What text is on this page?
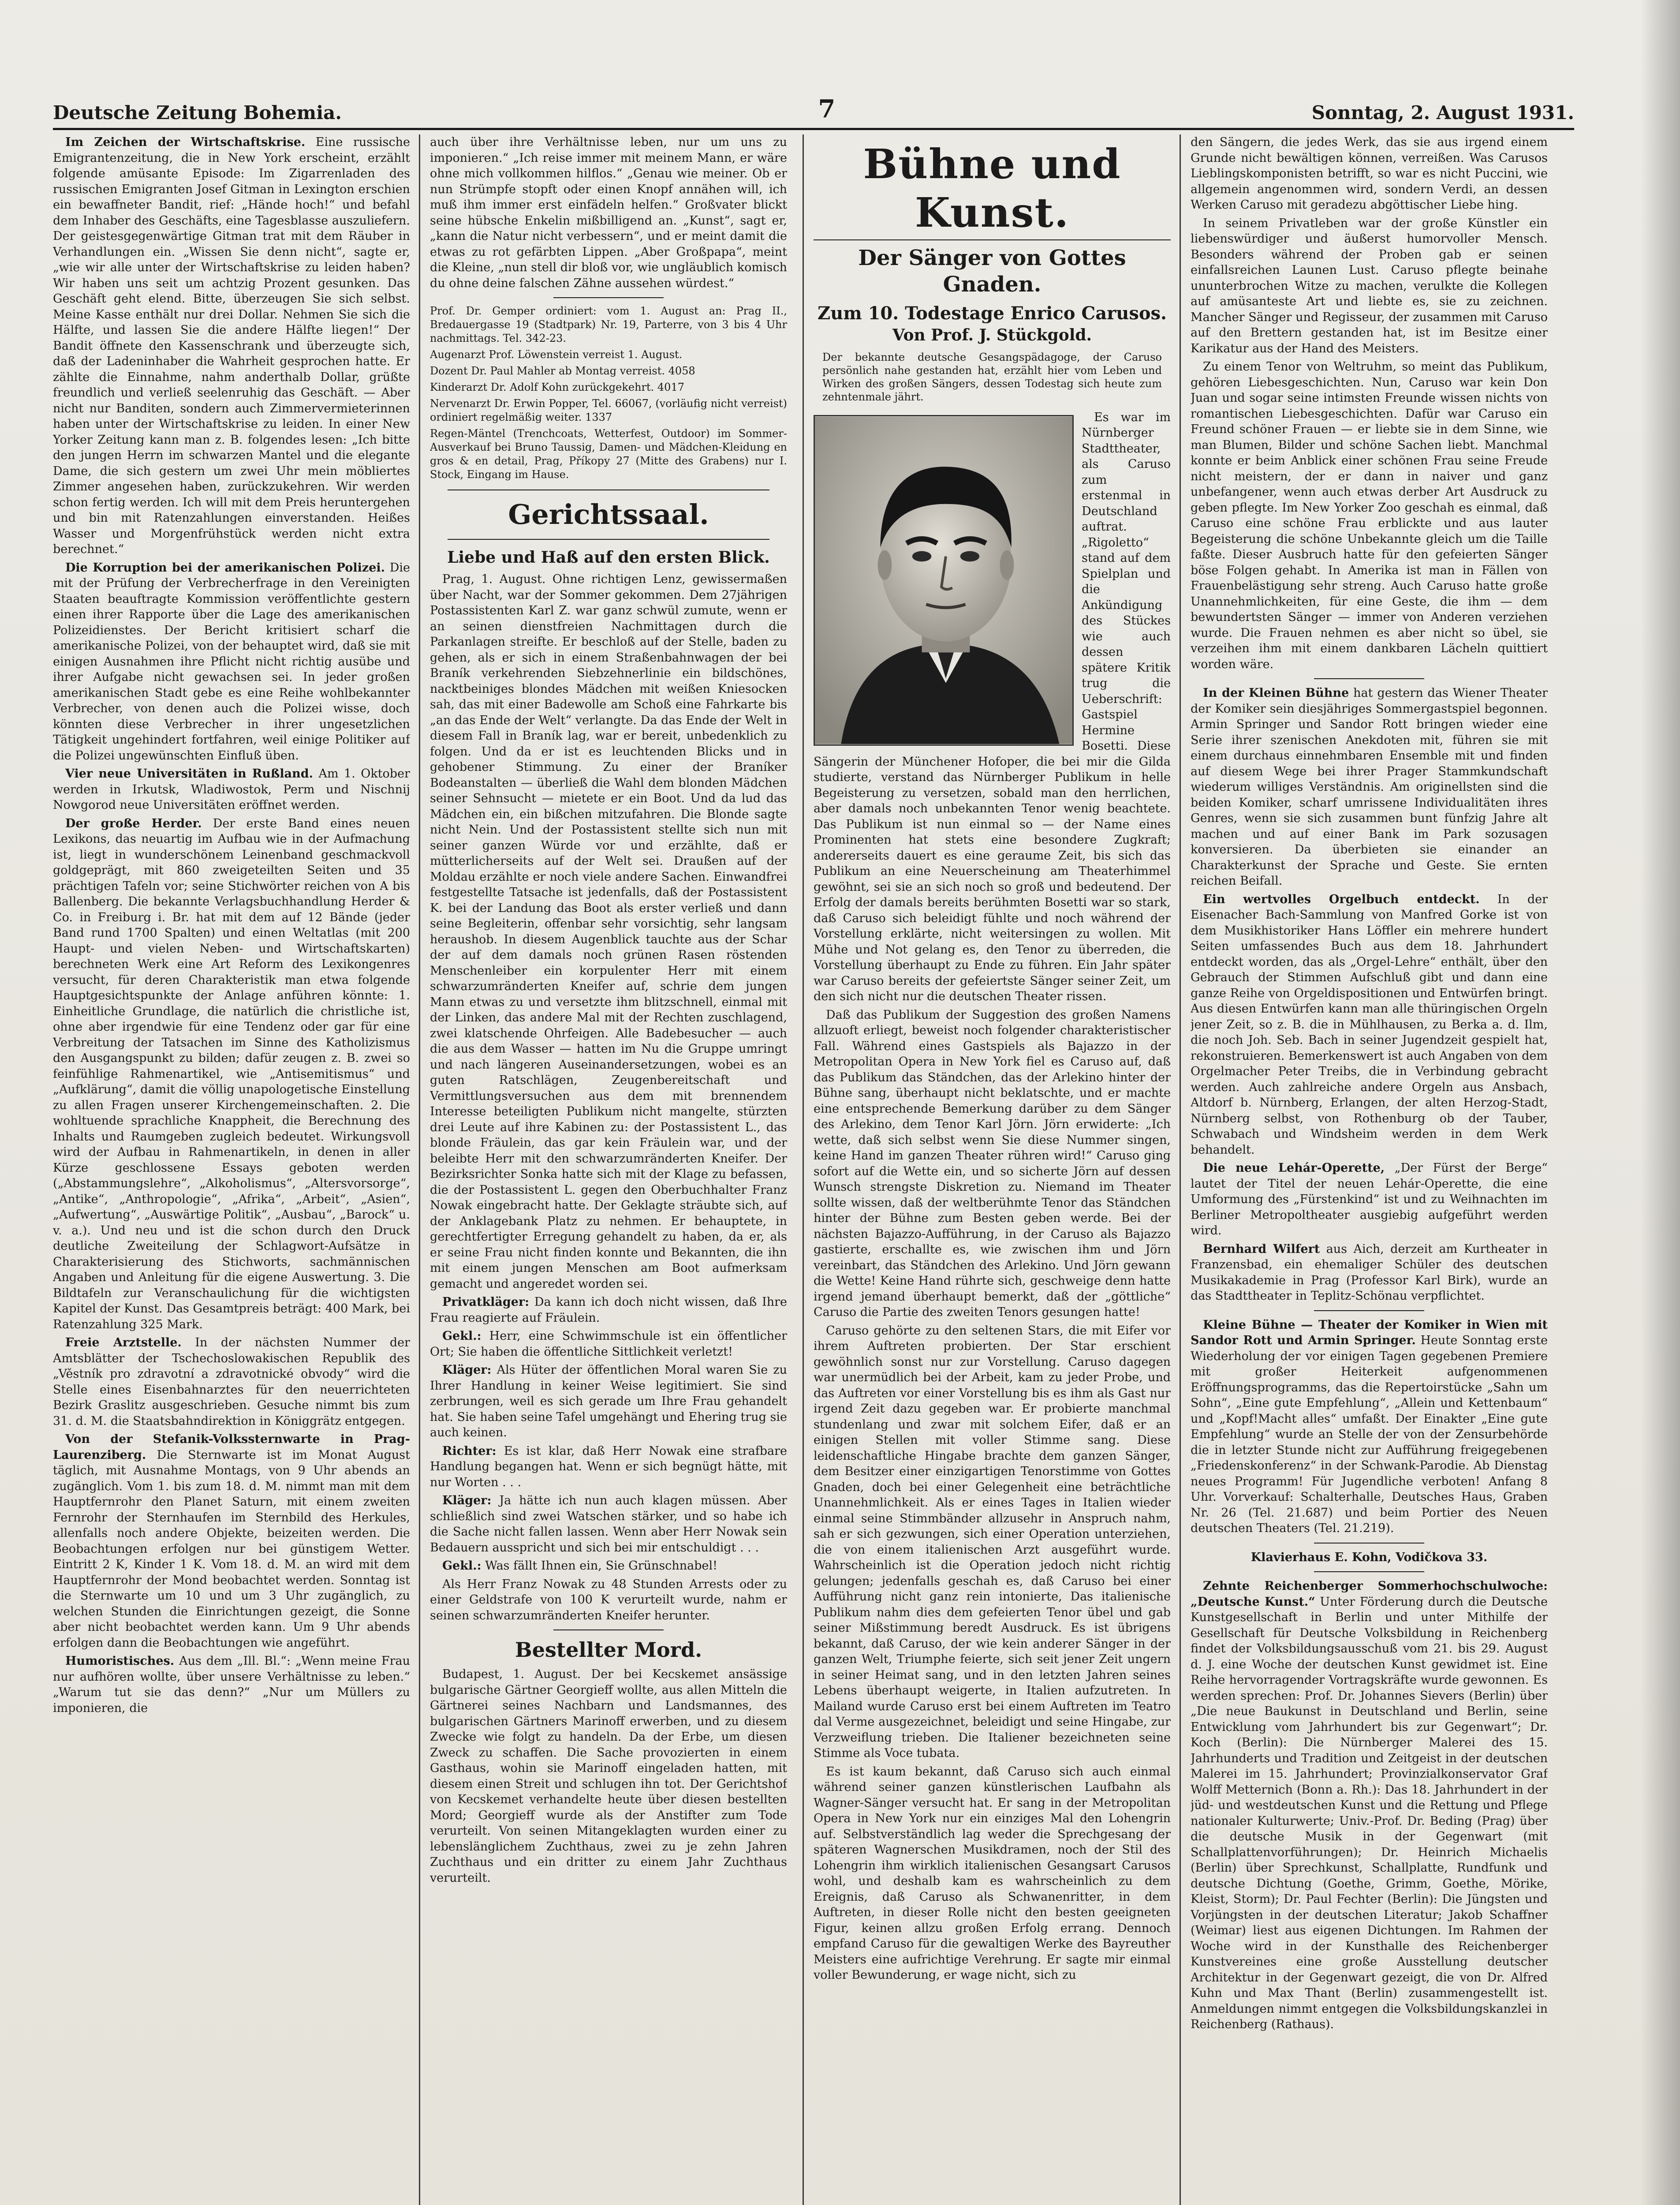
Deutsche Zeitung Bohemia.	7	Sonntag, 2. August 1931.

Im Zeichen der Wirtschaftskrise. Eine russische Emigrantenzeitung, die in New York erscheint, erzählt folgende amüsante Episode: Im Zigarrenladen des russischen Emigranten Josef Gitman in Lexington erschien ein bewaffneter Bandit, rief: „Hände hoch!“ und befahl dem Inhaber des Geschäfts, eine Tagesblasse auszuliefern. Der geistesgegenwärtige Gitman trat mit dem Räuber in Verhandlungen ein. „Wissen Sie denn nicht“, sagte er, „wie wir alle unter der Wirtschaftskrise zu leiden haben? Wir haben uns seit um achtzig Prozent gesunken. Das Geschäft geht elend. Bitte, überzeugen Sie sich selbst. Meine Kasse enthält nur drei Dollar. Nehmen Sie sich die Hälfte, und lassen Sie die andere Hälfte liegen!“ Der Bandit öffnete den Kassenschrank und überzeugte sich, daß der Ladeninhaber die Wahrheit gesprochen hatte. Er zählte die Einnahme, nahm anderthalb Dollar, grüßte freundlich und verließ seelenruhig das Geschäft. — Aber nicht nur Banditen, sondern auch Zimmervermieterinnen haben unter der Wirtschaftskrise zu leiden. In einer New Yorker Zeitung kann man z. B. folgendes lesen: „Ich bitte den jungen Herrn im schwarzen Mantel und die elegante Dame, die sich gestern um zwei Uhr mein möbliertes Zimmer angesehen haben, zurückzukehren. Wir werden schon fertig werden. Ich will mit dem Preis heruntergehen und bin mit Ratenzahlungen einverstanden. Heißes Wasser und Morgenfrühstück werden nicht extra berechnet.“

Die Korruption bei der amerikanischen Polizei. Die mit der Prüfung der Verbrecherfrage in den Vereinigten Staaten beauftragte Kommission veröffentlichte gestern einen ihrer Rapporte über die Lage des amerikanischen Polizeidienstes. Der Bericht kritisiert scharf die amerikanische Polizei, von der behauptet wird, daß sie mit einigen Ausnahmen ihre Pflicht nicht richtig ausübe und ihrer Aufgabe nicht gewachsen sei. In jeder großen amerikanischen Stadt gebe es eine Reihe wohlbekannter Verbrecher, von denen auch die Polizei wisse, doch könnten diese Verbrecher in ihrer ungesetzlichen Tätigkeit ungehindert fortfahren, weil einige Politiker auf die Polizei ungewünschten Einfluß üben.

Vier neue Universitäten in Rußland. Am 1. Oktober werden in Irkutsk, Wladiwostok, Perm und Nischnij Nowgorod neue Universitäten eröffnet werden.

Der große Herder. Der erste Band eines neuen Lexikons, das neuartig im Aufbau wie in der Aufmachung ist, liegt in wunderschönem Leinenband geschmackvoll goldgeprägt, mit 860 zweigeteilten Seiten und 35 prächtigen Tafeln vor; seine Stichwörter reichen von A bis Ballenberg. Die bekannte Verlagsbuchhandlung Herder & Co. in Freiburg i. Br. hat mit dem auf 12 Bände (jeder Band rund 1700 Spalten) und einen Weltatlas (mit 200 Haupt- und vielen Neben- und Wirtschaftskarten) berechneten Werk eine Art Reform des Lexikongenres versucht, für deren Charakteristik man etwa folgende Hauptgesichtspunkte der Anlage anführen könnte: 1. Einheitliche Grundlage, die natürlich die christliche ist, ohne aber irgendwie für eine Tendenz oder gar für eine Verbreitung der Tatsachen im Sinne des Katholizismus den Ausgangspunkt zu bilden; dafür zeugen z. B. zwei so feinfühlige Rahmenartikel, wie „Antisemitismus“ und „Aufklärung“, damit die völlig unapologetische Einstellung zu allen Fragen unserer Kirchengemeinschaften. 2. Die wohltuende sprachliche Knappheit, die Berechnung des Inhalts und Raumgeben zugleich bedeutet. Wirkungsvoll wird der Aufbau in Rahmenartikeln, in denen in aller Kürze geschlossene Essays geboten werden („Abstammungslehre“, „Alkoholismus“, „Altersvorsorge“, „Antike“, „Anthropologie“, „Afrika“, „Arbeit“, „Asien“, „Aufwertung“, „Auswärtige Politik“, „Ausbau“, „Barock“ u. v. a.). Und neu und ist die schon durch den Druck deutliche Zweiteilung der Schlagwort-Aufsätze in Charakterisierung des Stichworts, sachmännischen Angaben und Anleitung für die eigene Auswertung. 3. Die Bildtafeln zur Veranschaulichung für die wichtigsten Kapitel der Kunst. Das Gesamtpreis beträgt: 400 Mark, bei Ratenzahlung 325 Mark.

Freie Arztstelle. In der nächsten Nummer der Amtsblätter der Tschechoslowakischen Republik des „Věstník pro zdravotní a zdravotnické obvody“ wird die Stelle eines Eisenbahnarztes für den neuerrichteten Bezirk Graslitz ausgeschrieben. Gesuche nimmt bis zum 31. d. M. die Staatsbahndirektion in Königgrätz entgegen.

Von der Stefanik-Volkssternwarte in Prag-Laurenziberg. Die Sternwarte ist im Monat August täglich, mit Ausnahme Montags, von 9 Uhr abends an zugänglich. Vom 1. bis zum 18. d. M. nimmt man mit dem Hauptfernrohr den Planet Saturn, mit einem zweiten Fernrohr der Sternhaufen im Sternbild des Herkules, allenfalls noch andere Objekte, beizeiten werden. Die Beobachtungen erfolgen nur bei günstigem Wetter. Eintritt 2 K, Kinder 1 K. Vom 18. d. M. an wird mit dem Hauptfernrohr der Mond beobachtet werden. Sonntag ist die Sternwarte um 10 und um 3 Uhr zugänglich, zu welchen Stunden die Einrichtungen gezeigt, die Sonne aber nicht beobachtet werden kann. Um 9 Uhr abends erfolgen dann die Beobachtungen wie angeführt.

Humoristisches. Aus dem „Ill. Bl.“: „Wenn meine Frau nur aufhören wollte, über unsere Verhältnisse zu leben.“ „Warum tut sie das denn?“ „Nur um Müllers zu imponieren, die

auch über ihre Verhältnisse leben, nur um uns zu imponieren.“ „Ich reise immer mit meinem Mann, er wäre ohne mich vollkommen hilflos.“ „Genau wie meiner. Ob er nun Strümpfe stopft oder einen Knopf annähen will, ich muß ihm immer erst einfädeln helfen.“ Großvater blickt seine hübsche Enkelin mißbilligend an. „Kunst“, sagt er, „kann die Natur nicht verbessern“, und er meint damit die etwas zu rot gefärbten Lippen. „Aber Großpapa“, meint die Kleine, „nun stell dir bloß vor, wie ungläublich komisch du ohne deine falschen Zähne aussehen würdest.“

Prof. Dr. Gemper ordiniert: vom 1. August an: Prag II., Bredauergasse 19 (Stadtpark) Nr. 19, Parterre, von 3 bis 4 Uhr nachmittags. Tel. 342-23.

Augenarzt Prof. Löwenstein verreist 1. August.

Dozent Dr. Paul Mahler ab Montag verreist. 4058

Kinderarzt Dr. Adolf Kohn zurückgekehrt. 4017

Nervenarzt Dr. Erwin Popper, Tel. 66067, (vorläufig nicht verreist) ordiniert regelmäßig weiter. 1337

Regen-Mäntel (Trenchcoats, Wetterfest, Outdoor) im Sommer-Ausverkauf bei Bruno Taussig, Damen- und Mädchen-Kleidung en gros & en detail, Prag, Příkopy 27 (Mitte des Grabens) nur I. Stock, Eingang im Hause.

Gerichtssaal.
Liebe und Haß auf den ersten Blick.

Prag, 1. August. Ohne richtigen Lenz, gewissermaßen über Nacht, war der Sommer gekommen. Dem 27jährigen Postassistenten Karl Z. war ganz schwül zumute, wenn er an seinen dienstfreien Nachmittagen durch die Parkanlagen streifte. Er beschloß auf der Stelle, baden zu gehen, als er sich in einem Straßenbahnwagen der bei Braník verkehrenden Siebzehnerlinie ein bildschönes, nacktbeiniges blondes Mädchen mit weißen Kniesocken sah, das mit einer Badewolle am Schoß eine Fahrkarte bis „an das Ende der Welt“ verlangte. Da das Ende der Welt in diesem Fall in Braník lag, war er bereit, unbedenklich zu folgen. Und da er ist es leuchtenden Blicks und in gehobener Stimmung. Zu einer der Braníker Bodeanstalten — überließ die Wahl dem blonden Mädchen seiner Sehnsucht — mietete er ein Boot. Und da lud das Mädchen ein, ein bißchen mitzufahren. Die Blonde sagte nicht Nein. Und der Postassistent stellte sich nun mit seiner ganzen Würde vor und erzählte, daß er mütterlicherseits auf der Welt sei. Draußen auf der Moldau erzählte er noch viele andere Sachen. Einwandfrei festgestellte Tatsache ist jedenfalls, daß der Postassistent K. bei der Landung das Boot als erster verließ und dann seine Begleiterin, offenbar sehr vorsichtig, sehr langsam heraushob. In diesem Augenblick tauchte aus der Schar der auf dem damals noch grünen Rasen röstenden Menschenleiber ein korpulenter Herr mit einem schwarzumränderten Kneifer auf, schrie dem jungen Mann etwas zu und versetzte ihm blitzschnell, einmal mit der Linken, das andere Mal mit der Rechten zuschlagend, zwei klatschende Ohrfeigen. Alle Badebesucher — auch die aus dem Wasser — hatten im Nu die Gruppe umringt und nach längeren Auseinandersetzungen, wobei es an guten Ratschlägen, Zeugenbereitschaft und Vermittlungsversuchen aus dem mit brennendem Interesse beteiligten Publikum nicht mangelte, stürzten drei Leute auf ihre Kabinen zu: der Postassistent L., das blonde Fräulein, das gar kein Fräulein war, und der beleibte Herr mit den schwarzumränderten Kneifer. Der Bezirksrichter Sonka hatte sich mit der Klage zu befassen, die der Postassistent L. gegen den Oberbuchhalter Franz Nowak eingebracht hatte. Der Geklagte sträubte sich, auf der Anklagebank Platz zu nehmen. Er behauptete, in gerechtfertigter Erregung gehandelt zu haben, da er, als er seine Frau nicht finden konnte und Bekannten, die ihn mit einem jungen Menschen am Boot aufmerksam gemacht und angeredet worden sei.

Privatkläger: Da kann ich doch nicht wissen, daß Ihre Frau reagierte auf Fräulein.

Gekl.: Herr, eine Schwimmschule ist ein öffentlicher Ort; Sie haben die öffentliche Sittlichkeit verletzt!

Kläger: Als Hüter der öffentlichen Moral waren Sie zu Ihrer Handlung in keiner Weise legitimiert. Sie sind zerbrungen, weil es sich gerade um Ihre Frau gehandelt hat. Sie haben seine Tafel umgehängt und Ehering trug sie auch keinen.

Richter: Es ist klar, daß Herr Nowak eine strafbare Handlung begangen hat. Wenn er sich begnügt hätte, mit nur Worten . . .

Kläger: Ja hätte ich nun auch klagen müssen. Aber schließlich sind zwei Watschen stärker, und so habe ich die Sache nicht fallen lassen. Wenn aber Herr Nowak sein Bedauern ausspricht und sich bei mir entschuldigt . . .

Gekl.: Was fällt Ihnen ein, Sie Grünschnabel!

Als Herr Franz Nowak zu 48 Stunden Arrests oder zu einer Geldstrafe von 100 K verurteilt wurde, nahm er seinen schwarzumränderten Kneifer herunter.

Bestellter Mord.

Budapest, 1. August. Der bei Kecskemet ansässige bulgarische Gärtner Georgieff wollte, aus allen Mitteln die Gärtnerei seines Nachbarn und Landsmannes, des bulgarischen Gärtners Marinoff erwerben, und zu diesem Zwecke wie folgt zu handeln. Da der Erbe, um diesen Zweck zu schaffen. Die Sache provozierten in einem Gasthaus, wohin sie Marinoff eingeladen hatten, mit diesem einen Streit und schlugen ihn tot. Der Gerichtshof von Kecskemet verhandelte heute über diesen bestellten Mord; Georgieff wurde als der Anstifter zum Tode verurteilt. Von seinen Mitangeklagten wurden einer zu lebenslänglichem Zuchthaus, zwei zu je zehn Jahren Zuchthaus und ein dritter zu einem Jahr Zuchthaus verurteilt.

Bühne und Kunst.
Der Sänger von Gottes Gnaden.
Zum 10. Todestage Enrico Carusos.
Von Prof. J. Stückgold.

Der bekannte deutsche Gesangspädagoge, der Caruso persönlich nahe gestanden hat, erzählt hier vom Leben und Wirken des großen Sängers, dessen Todestag sich heute zum zehntenmale jährt.

Es war im Nürnberger Stadttheater, als Caruso zum erstenmal in Deutschland auftrat. „Rigoletto“ stand auf dem Spielplan und die Ankündigung des Stückes wie auch dessen spätere Kritik trug die Ueberschrift: Gastspiel Hermine Bosetti. Diese Sängerin der Münchener Hofoper, die bei mir die Gilda studierte, verstand das Nürnberger Publikum in helle Begeisterung zu versetzen, sobald man den herrlichen, aber damals noch unbekannten Tenor wenig beachtete. Das Publikum ist nun einmal so — der Name eines Prominenten hat stets eine besondere Zugkraft; andererseits dauert es eine geraume Zeit, bis sich das Publikum an eine Neuerscheinung am Theaterhimmel gewöhnt, sei sie an sich noch so groß und bedeutend. Der Erfolg der damals bereits berühmten Bosetti war so stark, daß Caruso sich beleidigt fühlte und noch während der Vorstellung erklärte, nicht weitersingen zu wollen. Mit Mühe und Not gelang es, den Tenor zu überreden, die Vorstellung überhaupt zu Ende zu führen. Ein Jahr später war Caruso bereits der gefeiertste Sänger seiner Zeit, um den sich nicht nur die deutschen Theater rissen.

Daß das Publikum der Suggestion des großen Namens allzuoft erliegt, beweist noch folgender charakteristischer Fall. Während eines Gastspiels als Bajazzo in der Metropolitan Opera in New York fiel es Caruso auf, daß das Publikum das Ständchen, das der Arlekino hinter der Bühne sang, überhaupt nicht beklatschte, und er machte eine entsprechende Bemerkung darüber zu dem Sänger des Arlekino, dem Tenor Karl Jörn. Jörn erwiderte: „Ich wette, daß sich selbst wenn Sie diese Nummer singen, keine Hand im ganzen Theater rühren wird!“ Caruso ging sofort auf die Wette ein, und so sicherte Jörn auf dessen Wunsch strengste Diskretion zu. Niemand im Theater sollte wissen, daß der weltberühmte Tenor das Ständchen hinter der Bühne zum Besten geben werde. Bei der nächsten Bajazzo-Aufführung, in der Caruso als Bajazzo gastierte, erschallte es, wie zwischen ihm und Jörn vereinbart, das Ständchen des Arlekino. Und Jörn gewann die Wette! Keine Hand rührte sich, geschweige denn hatte irgend jemand überhaupt bemerkt, daß der „göttliche“ Caruso die Partie des zweiten Tenors gesungen hatte!

Caruso gehörte zu den seltenen Stars, die mit Eifer vor ihrem Auftreten probierten. Der Star erschient gewöhnlich sonst nur zur Vorstellung. Caruso dagegen war unermüdlich bei der Arbeit, kam zu jeder Probe, und das Auftreten vor einer Vorstellung bis es ihm als Gast nur irgend Zeit dazu gegeben war. Er probierte manchmal stundenlang und zwar mit solchem Eifer, daß er an einigen Stellen mit voller Stimme sang. Diese leidenschaftliche Hingabe brachte dem ganzen Sänger, dem Besitzer einer einzigartigen Tenorstimme von Gottes Gnaden, doch bei einer Gelegenheit eine beträchtliche Unannehmlichkeit. Als er eines Tages in Italien wieder einmal seine Stimmbänder allzusehr in Anspruch nahm, sah er sich gezwungen, sich einer Operation unterziehen, die von einem italienischen Arzt ausgeführt wurde. Wahrscheinlich ist die Operation jedoch nicht richtig gelungen; jedenfalls geschah es, daß Caruso bei einer Aufführung nicht ganz rein intonierte, Das italienische Publikum nahm dies dem gefeierten Tenor übel und gab seiner Mißstimmung beredt Ausdruck. Es ist übrigens bekannt, daß Caruso, der wie kein anderer Sänger in der ganzen Welt, Triumphe feierte, sich seit jener Zeit ungern in seiner Heimat sang, und in den letzten Jahren seines Lebens überhaupt weigerte, in Italien aufzutreten. In Mailand wurde Caruso erst bei einem Auftreten im Teatro dal Verme ausgezeichnet, beleidigt und seine Hingabe, zur Verzweiflung trieben. Die Italiener bezeichneten seine Stimme als Voce tubata.

Es ist kaum bekannt, daß Caruso sich auch einmal während seiner ganzen künstlerischen Laufbahn als Wagner-Sänger versucht hat. Er sang in der Metropolitan Opera in New York nur ein einziges Mal den Lohengrin auf. Selbstverständlich lag weder die Sprechgesang der späteren Wagnerschen Musikdramen, noch der Stil des Lohengrin ihm wirklich italienischen Gesangsart Carusos wohl, und deshalb kam es wahrscheinlich zu dem Ereignis, daß Caruso als Schwanenritter, in dem Auftreten, in dieser Rolle nicht den besten geeigneten Figur, keinen allzu großen Erfolg errang. Dennoch empfand Caruso für die gewaltigen Werke des Bayreuther Meisters eine aufrichtige Verehrung. Er sagte mir einmal voller Bewunderung, er wage nicht, sich zu

den Sängern, die jedes Werk, das sie aus irgend einem Grunde nicht bewältigen können, verreißen. Was Carusos Lieblingskomponisten betrifft, so war es nicht Puccini, wie allgemein angenommen wird, sondern Verdi, an dessen Werken Caruso mit geradezu abgöttischer Liebe hing.

In seinem Privatleben war der große Künstler ein liebenswürdiger und äußerst humorvoller Mensch. Besonders während der Proben gab er seinen einfallsreichen Launen Lust. Caruso pflegte beinahe ununterbrochen Witze zu machen, verulkte die Kollegen auf amüsanteste Art und liebte es, sie zu zeichnen. Mancher Sänger und Regisseur, der zusammen mit Caruso auf den Brettern gestanden hat, ist im Besitze einer Karikatur aus der Hand des Meisters.

Zu einem Tenor von Weltruhm, so meint das Publikum, gehören Liebesgeschichten. Nun, Caruso war kein Don Juan und sogar seine intimsten Freunde wissen nichts von romantischen Liebesgeschichten. Dafür war Caruso ein Freund schöner Frauen — er liebte sie in dem Sinne, wie man Blumen, Bilder und schöne Sachen liebt. Manchmal konnte er beim Anblick einer schönen Frau seine Freude nicht meistern, der er dann in naiver und ganz unbefangener, wenn auch etwas derber Art Ausdruck zu geben pflegte. Im New Yorker Zoo geschah es einmal, daß Caruso eine schöne Frau erblickte und aus lauter Begeisterung die schöne Unbekannte gleich um die Taille faßte. Dieser Ausbruch hatte für den gefeierten Sänger böse Folgen gehabt. In Amerika ist man in Fällen von Frauenbelästigung sehr streng. Auch Caruso hatte große Unannehmlichkeiten, für eine Geste, die ihm — dem bewundertsten Sänger — immer von Anderen verziehen wurde. Die Frauen nehmen es aber nicht so übel, sie verzeihen ihm mit einem dankbaren Lächeln quittiert worden wäre.

In der Kleinen Bühne hat gestern das Wiener Theater der Komiker sein diesjähriges Sommergastspiel begonnen. Armin Springer und Sandor Rott bringen wieder eine Serie ihrer szenischen Anekdoten mit, führen sie mit einem durchaus einnehmbaren Ensemble mit und finden auf diesem Wege bei ihrer Prager Stammkundschaft wiederum williges Verständnis. Am originellsten sind die beiden Komiker, scharf umrissene Individualitäten ihres Genres, wenn sie sich zusammen bunt fünfzig Jahre alt machen und auf einer Bank im Park sozusagen konversieren. Da überbieten sie einander an Charakterkunst der Sprache und Geste. Sie ernten reichen Beifall.

Ein wertvolles Orgelbuch entdeckt. In der Eisenacher Bach-Sammlung von Manfred Gorke ist von dem Musikhistoriker Hans Löffler ein mehrere hundert Seiten umfassendes Buch aus dem 18. Jahrhundert entdeckt worden, das als „Orgel-Lehre“ enthält, über den Gebrauch der Stimmen Aufschluß gibt und dann eine ganze Reihe von Orgeldispositionen und Entwürfen bringt. Aus diesen Entwürfen kann man alle thüringischen Orgeln jener Zeit, so z. B. die in Mühlhausen, zu Berka a. d. Ilm, die noch Joh. Seb. Bach in seiner Jugendzeit gespielt hat, rekonstruieren. Bemerkenswert ist auch Angaben von dem Orgelmacher Peter Treibs, die in Verbindung gebracht werden. Auch zahlreiche andere Orgeln aus Ansbach, Altdorf b. Nürnberg, Erlangen, der alten Herzog-Stadt, Nürnberg selbst, von Rothenburg ob der Tauber, Schwabach und Windsheim werden in dem Werk behandelt.

Die neue Lehár-Operette, „Der Fürst der Berge“ lautet der Titel der neuen Lehár-Operette, die eine Umformung des „Fürstenkind“ ist und zu Weihnachten im Berliner Metropoltheater ausgiebig aufgeführt werden wird.

Bernhard Wilfert aus Aich, derzeit am Kurtheater in Franzensbad, ein ehemaliger Schüler des deutschen Musikakademie in Prag (Professor Karl Birk), wurde an das Stadttheater in Teplitz-Schönau verpflichtet.

Kleine Bühne — Theater der Komiker in Wien mit Sandor Rott und Armin Springer. Heute Sonntag erste Wiederholung der vor einigen Tagen gegebenen Premiere mit großer Heiterkeit aufgenommenen Eröffnungsprogramms, das die Repertoirstücke „Sahn um Sohn“, „Eine gute Empfehlung“, „Allein und Kettenbaum“ und „Kopf!Macht alles“ umfaßt. Der Einakter „Eine gute Empfehlung“ wurde an Stelle der von der Zensurbehörde die in letzter Stunde nicht zur Aufführung freigegebenen „Friedenskonferenz“ in der Schwank-Parodie. Ab Dienstag neues Programm! Für Jugendliche verboten! Anfang 8 Uhr. Vorverkauf: Schalterhalle, Deutsches Haus, Graben Nr. 26 (Tel. 21.687) und beim Portier des Neuen deutschen Theaters (Tel. 21.219).

Klavierhaus E. Kohn, Vodičkova 33.

Zehnte Reichenberger Sommerhochschulwoche: „Deutsche Kunst.“ Unter Förderung durch die Deutsche Kunstgesellschaft in Berlin und unter Mithilfe der Gesellschaft für Deutsche Volksbildung in Reichenberg findet der Volksbildungsausschuß vom 21. bis 29. August d. J. eine Woche der deutschen Kunst gewidmet ist. Eine Reihe hervorragender Vortragskräfte wurde gewonnen. Es werden sprechen: Prof. Dr. Johannes Sievers (Berlin) über „Die neue Baukunst in Deutschland und Berlin, seine Entwicklung vom Jahrhundert bis zur Gegenwart“; Dr. Koch (Berlin): Die Nürnberger Malerei des 15. Jahrhunderts und Tradition und Zeitgeist in der deutschen Malerei im 15. Jahrhundert; Provinzialkonservator Graf Wolff Metternich (Bonn a. Rh.): Das 18. Jahrhundert in der jüd- und westdeutschen Kunst und die Rettung und Pflege nationaler Kulturwerte; Univ.-Prof. Dr. Beding (Prag) über die deutsche Musik in der Gegenwart (mit Schallplattenvorführungen); Dr. Heinrich Michaelis (Berlin) über Sprechkunst, Schallplatte, Rundfunk und deutsche Dichtung (Goethe, Grimm, Goethe, Mörike, Kleist, Storm); Dr. Paul Fechter (Berlin): Die Jüngsten und Vorjüngsten in der deutschen Literatur; Jakob Schaffner (Weimar) liest aus eigenen Dichtungen. Im Rahmen der Woche wird in der Kunsthalle des Reichenberger Kunstvereines eine große Ausstellung deutscher Architektur in der Gegenwart gezeigt, die von Dr. Alfred Kuhn und Max Thant (Berlin) zusammengestellt ist. Anmeldungen nimmt entgegen die Volksbildungskanzlei in Reichenberg (Rathaus).
